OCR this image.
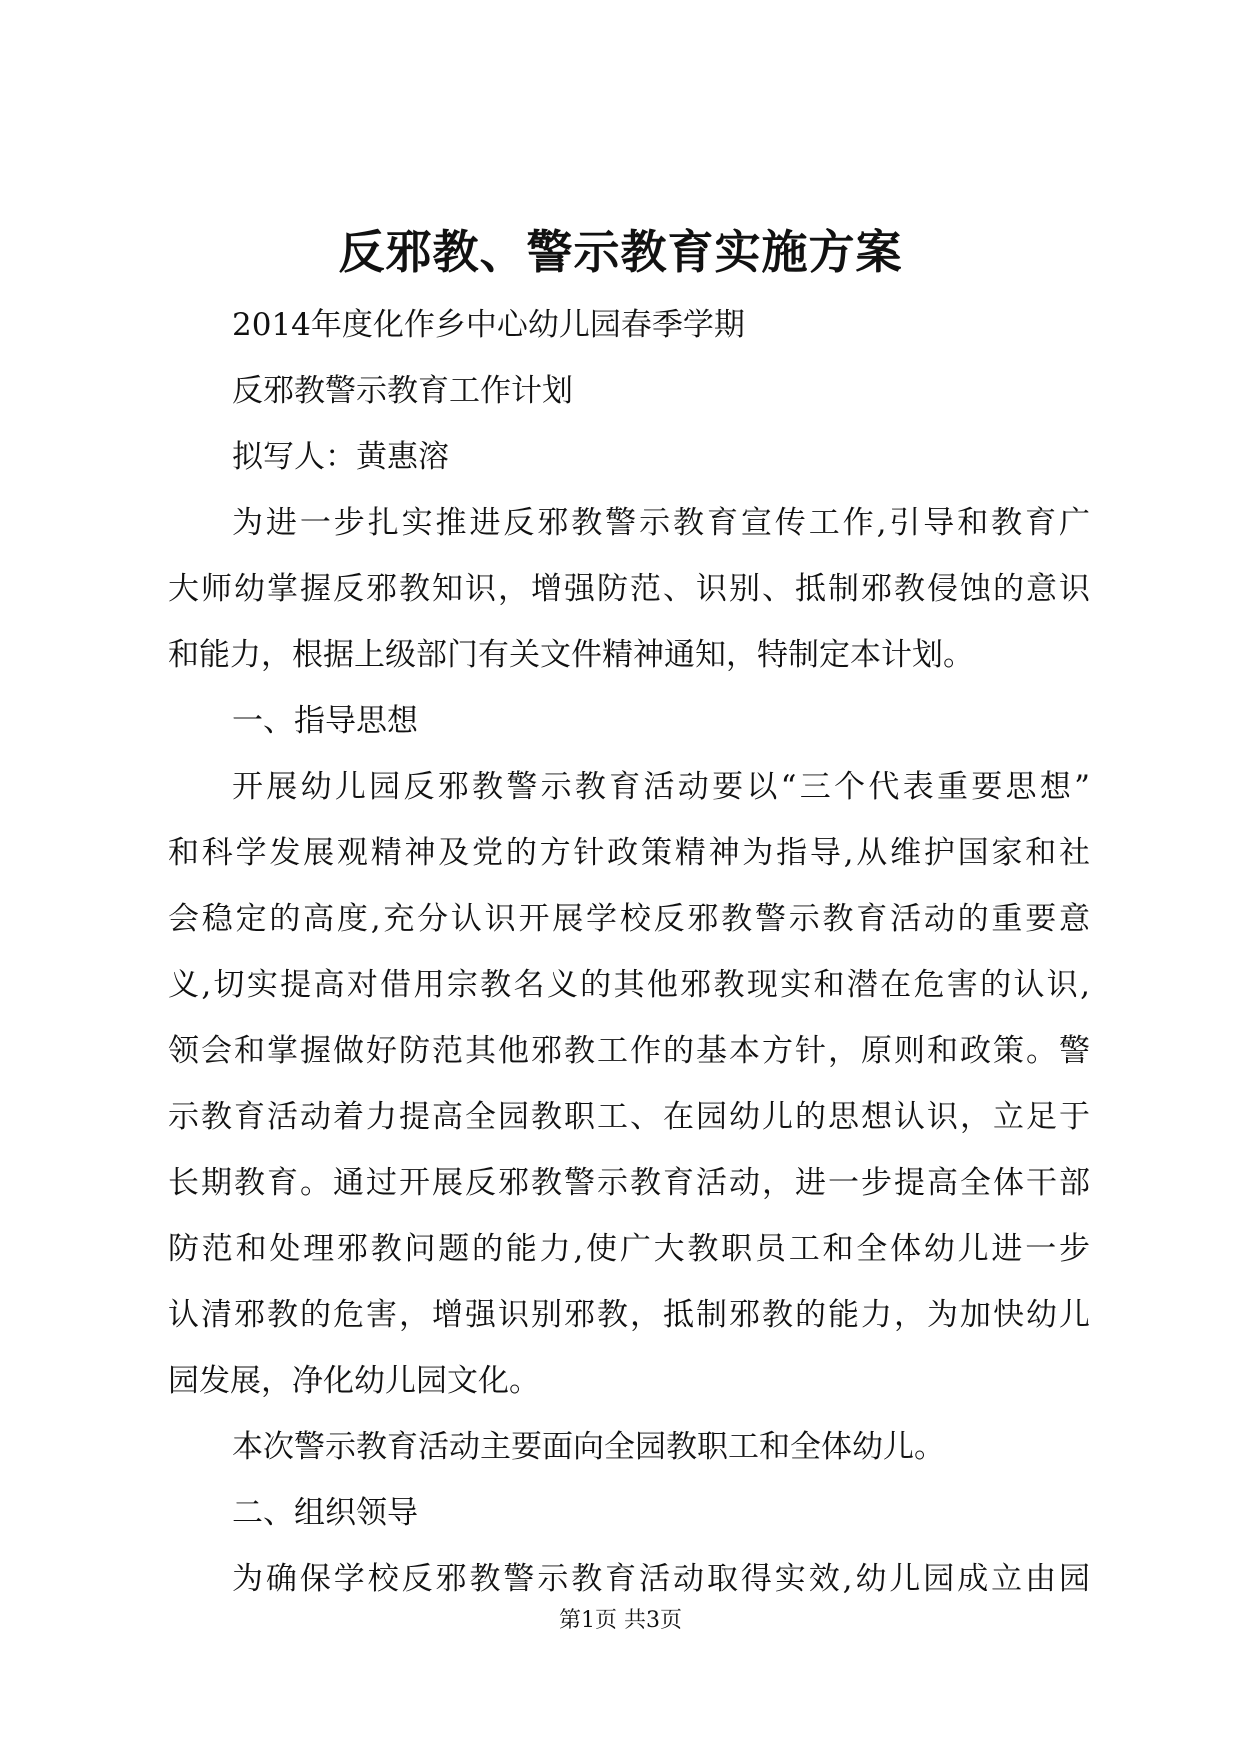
反邪教、警示教育实施方案
2014年度化作乡中心幼儿园春季学期
反邪教警示教育工作计划
拟写人：黄惠溶
为进一步扎实推进反邪教警示教育宣传工作,引导和教育广
大师幼掌握反邪教知识，增强防范、识别、抵制邪教侵蚀的意识
和能力，根据上级部门有关文件精神通知，特制定本计划。
一、指导思想
开展幼儿园反邪教警示教育活动要以“三个代表重要思想”
和科学发展观精神及党的方针政策精神为指导,从维护国家和社
会稳定的高度,充分认识开展学校反邪教警示教育活动的重要意
义,切实提高对借用宗教名义的其他邪教现实和潜在危害的认识,
领会和掌握做好防范其他邪教工作的基本方针，原则和政策。警
示教育活动着力提高全园教职工、在园幼儿的思想认识，立足于
长期教育。通过开展反邪教警示教育活动，进一步提高全体干部
防范和处理邪教问题的能力,使广大教职员工和全体幼儿进一步
认清邪教的危害，增强识别邪教，抵制邪教的能力，为加快幼儿
园发展，净化幼儿园文化。
本次警示教育活动主要面向全园教职工和全体幼儿。
二、组织领导
为确保学校反邪教警示教育活动取得实效,幼儿园成立由园
第1页 共3页
